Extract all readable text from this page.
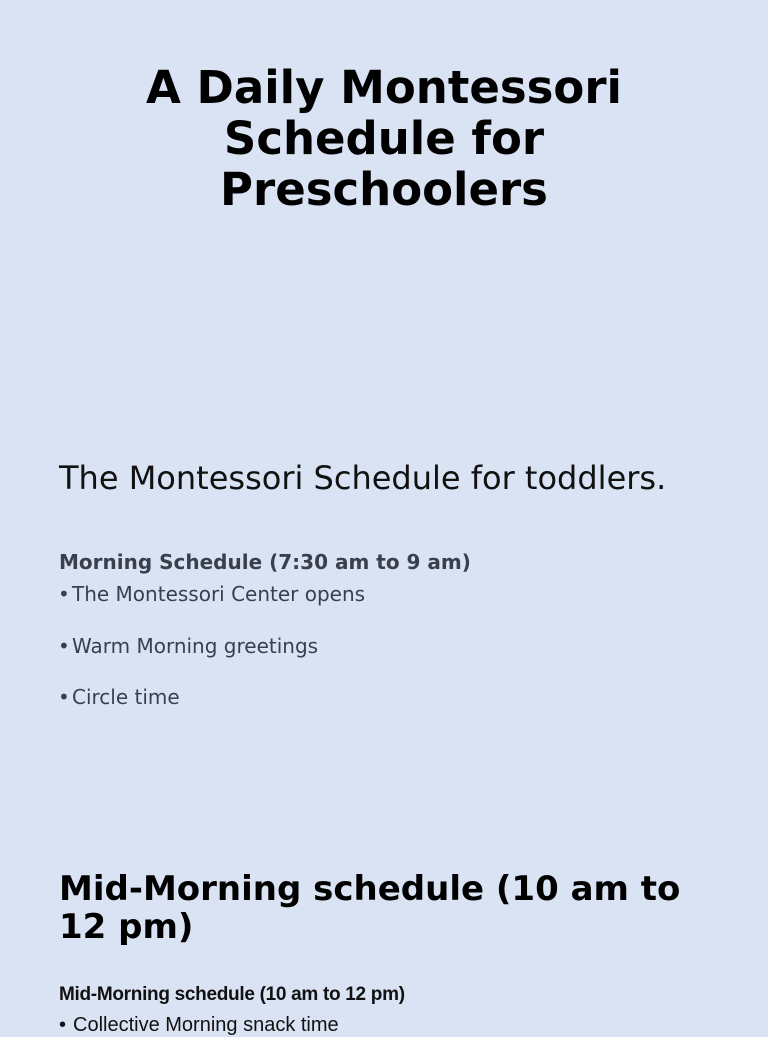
A Daily Montessori Schedule for Preschoolers
The Montessori Schedule for toddlers.
Morning Schedule (7:30 am to 9 am)
• The Montessori Center opens
• Warm Morning greetings
• Circle time
Mid-Morning schedule (10 am to 12 pm)

Mid-Morning schedule (10 am to 12 pm)

• Collective Morning snack time
